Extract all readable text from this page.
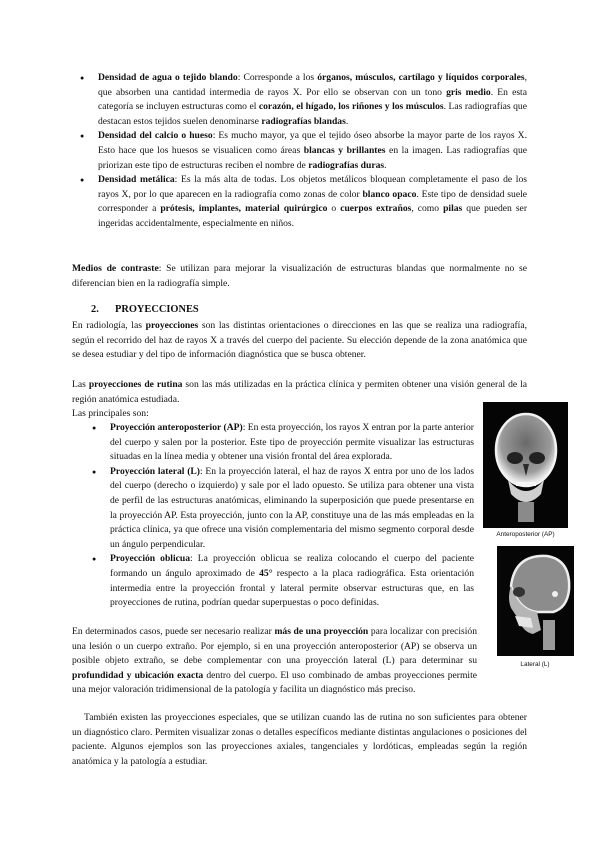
● Densidad de agua o tejido blando: Corresponde a los órganos, músculos, cartílago y líquidos corporales, que absorben una cantidad intermedia de rayos X. Por ello se observan con un tono gris medio. En esta categoría se incluyen estructuras como el corazón, el hígado, los riñones y los músculos. Las radiografías que destacan estos tejidos suelen denominarse radiografías blandas.
● Densidad del calcio o hueso: Es mucho mayor, ya que el tejido óseo absorbe la mayor parte de los rayos X. Esto hace que los huesos se visualicen como áreas blancas y brillantes en la imagen. Las radiografías que priorizan este tipo de estructuras reciben el nombre de radiografías duras.
● Densidad metálica: Es la más alta de todas. Los objetos metálicos bloquean completamente el paso de los rayos X, por lo que aparecen en la radiografía como zonas de color blanco opaco. Este tipo de densidad suele corresponder a prótesis, implantes, material quirúrgico o cuerpos extraños, como pilas que pueden ser ingeridas accidentalmente, especialmente en niños.

Medios de contraste: Se utilizan para mejorar la visualización de estructuras blandas que normalmente no se diferencian bien en la radiografía simple.

2. PROYECCIONES

En radiología, las proyecciones son las distintas orientaciones o direcciones en las que se realiza una radiografía, según el recorrido del haz de rayos X a través del cuerpo del paciente. Su elección depende de la zona anatómica que se desea estudiar y del tipo de información diagnóstica que se busca obtener.

Las proyecciones de rutina son las más utilizadas en la práctica clínica y permiten obtener una visión general de la región anatómica estudiada.

Las principales son:

● Proyección anteroposterior (AP): En esta proyección, los rayos X entran por la parte anterior del cuerpo y salen por la posterior. Este tipo de proyección permite visualizar las estructuras situadas en la línea media y obtener una visión frontal del área explorada.
● Proyección lateral (L): En la proyección lateral, el haz de rayos X entra por uno de los lados del cuerpo (derecho o izquierdo) y sale por el lado opuesto. Se utiliza para obtener una vista de perfil de las estructuras anatómicas, eliminando la superposición que puede presentarse en la proyección AP. Esta proyección, junto con la AP, constituye una de las más empleadas en la práctica clínica, ya que ofrece una visión complementaria del mismo segmento corporal desde un ángulo perpendicular.
● Proyección oblicua: La proyección oblicua se realiza colocando el cuerpo del paciente formando un ángulo aproximado de 45° respecto a la placa radiográfica. Esta orientación intermedia entre la proyección frontal y lateral permite observar estructuras que, en las proyecciones de rutina, podrían quedar superpuestas o poco definidas.

En determinados casos, puede ser necesario realizar más de una proyección para localizar con precisión una lesión o un cuerpo extraño. Por ejemplo, si en una proyección anteroposterior (AP) se observa un posible objeto extraño, se debe complementar con una proyección lateral (L) para determinar su profundidad y ubicación exacta dentro del cuerpo. El uso combinado de ambas proyecciones permite una mejor valoración tridimensional de la patología y facilita un diagnóstico más preciso.

También existen las proyecciones especiales, que se utilizan cuando las de rutina no son suficientes para obtener un diagnóstico claro. Permiten visualizar zonas o detalles específicos mediante distintas angulaciones o posiciones del paciente. Algunos ejemplos son las proyecciones axiales, tangenciales y lordóticas, empleadas según la región anatómica y la patología a estudiar.

Anteroposterior (AP)
Lateral (L)
